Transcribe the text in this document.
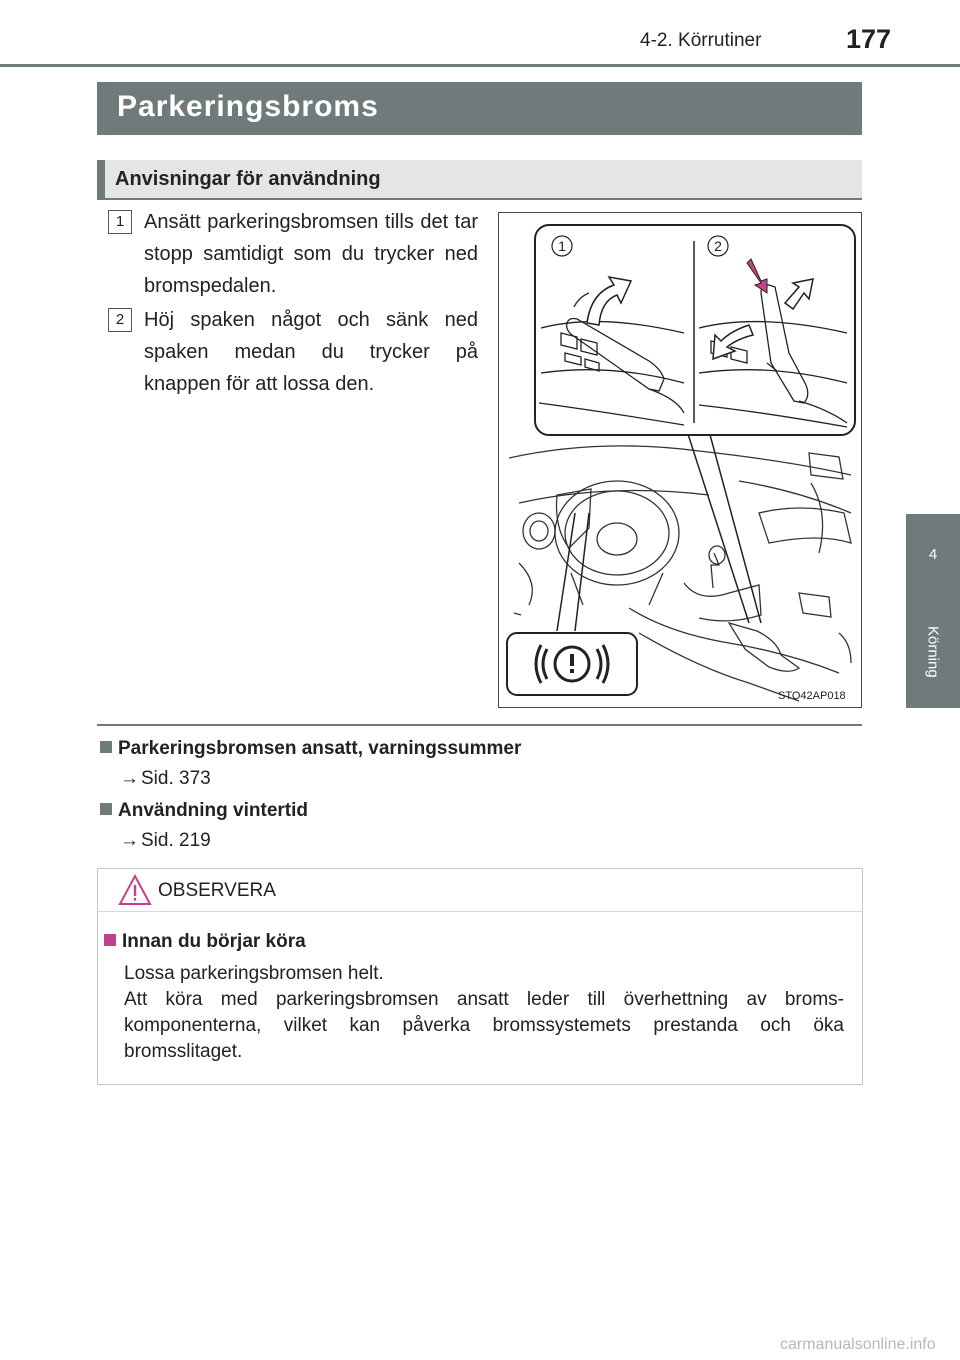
4-2. Körrutiner	177
4
Körning
Parkeringsbroms
Anvisningar för användning
1 Ansätt parkeringsbromsen tills det tar stopp samtidigt som du trycker ned bromspedalen.
2 Höj spaken något och sänk ned spaken medan du trycker på knappen för att lossa den.
1	2
STO42AP018
Parkeringsbromsen ansatt, varningssummer
→ Sid. 373
Användning vintertid
→ Sid. 219
OBSERVERA
Innan du börjar köra

Lossa parkeringsbromsen helt.

Att köra med parkeringsbromsen ansatt leder till överhettning av bromskomponenterna, vilket kan påverka bromssystemets prestanda och öka bromsslitaget.

carmanualsonline.info
